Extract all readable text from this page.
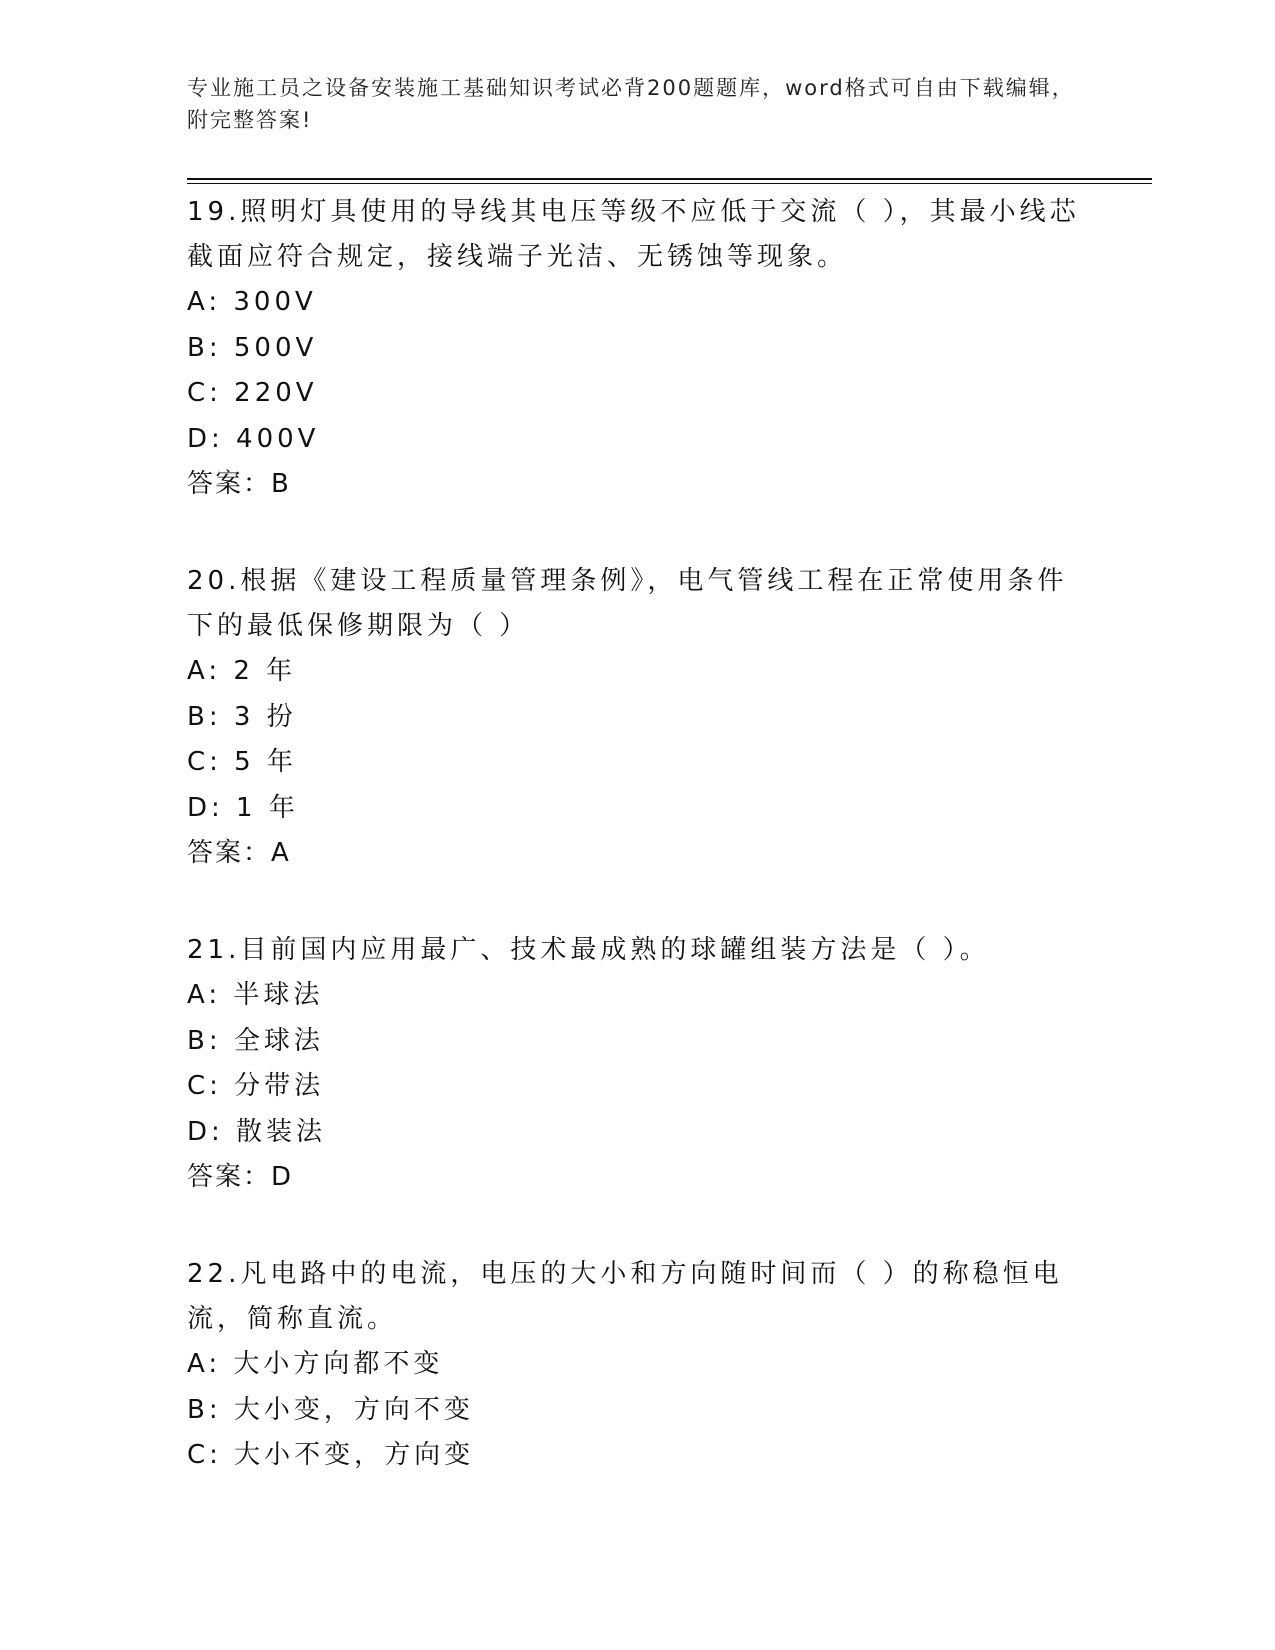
专业施工员之设备安装施工基础知识考试必背200题题库，word格式可自由下载编辑，附完整答案!
19.照明灯具使用的导线其电压等级不应低于交流（ ），其最小线芯截面应符合规定，接线端子光洁、无锈蚀等现象。
A: 300V
B: 500V
C: 220V
D: 400V
答案：B
20.根据《建设工程质量管理条例》，电气管线工程在正常使用条件下的最低保修期限为（ ）
A: 2 年
B: 3 扮
C: 5 年
D: 1 年
答案：A
21.目前国内应用最广、技术最成熟的球罐组装方法是（ ）。
A: 半球法
B: 全球法
C: 分带法
D: 散装法
答案：D
22.凡电路中的电流，电压的大小和方向随时间而（ ）的称稳恒电流，简称直流。
A: 大小方向都不变
B: 大小变，方向不变
C: 大小不变，方向变
